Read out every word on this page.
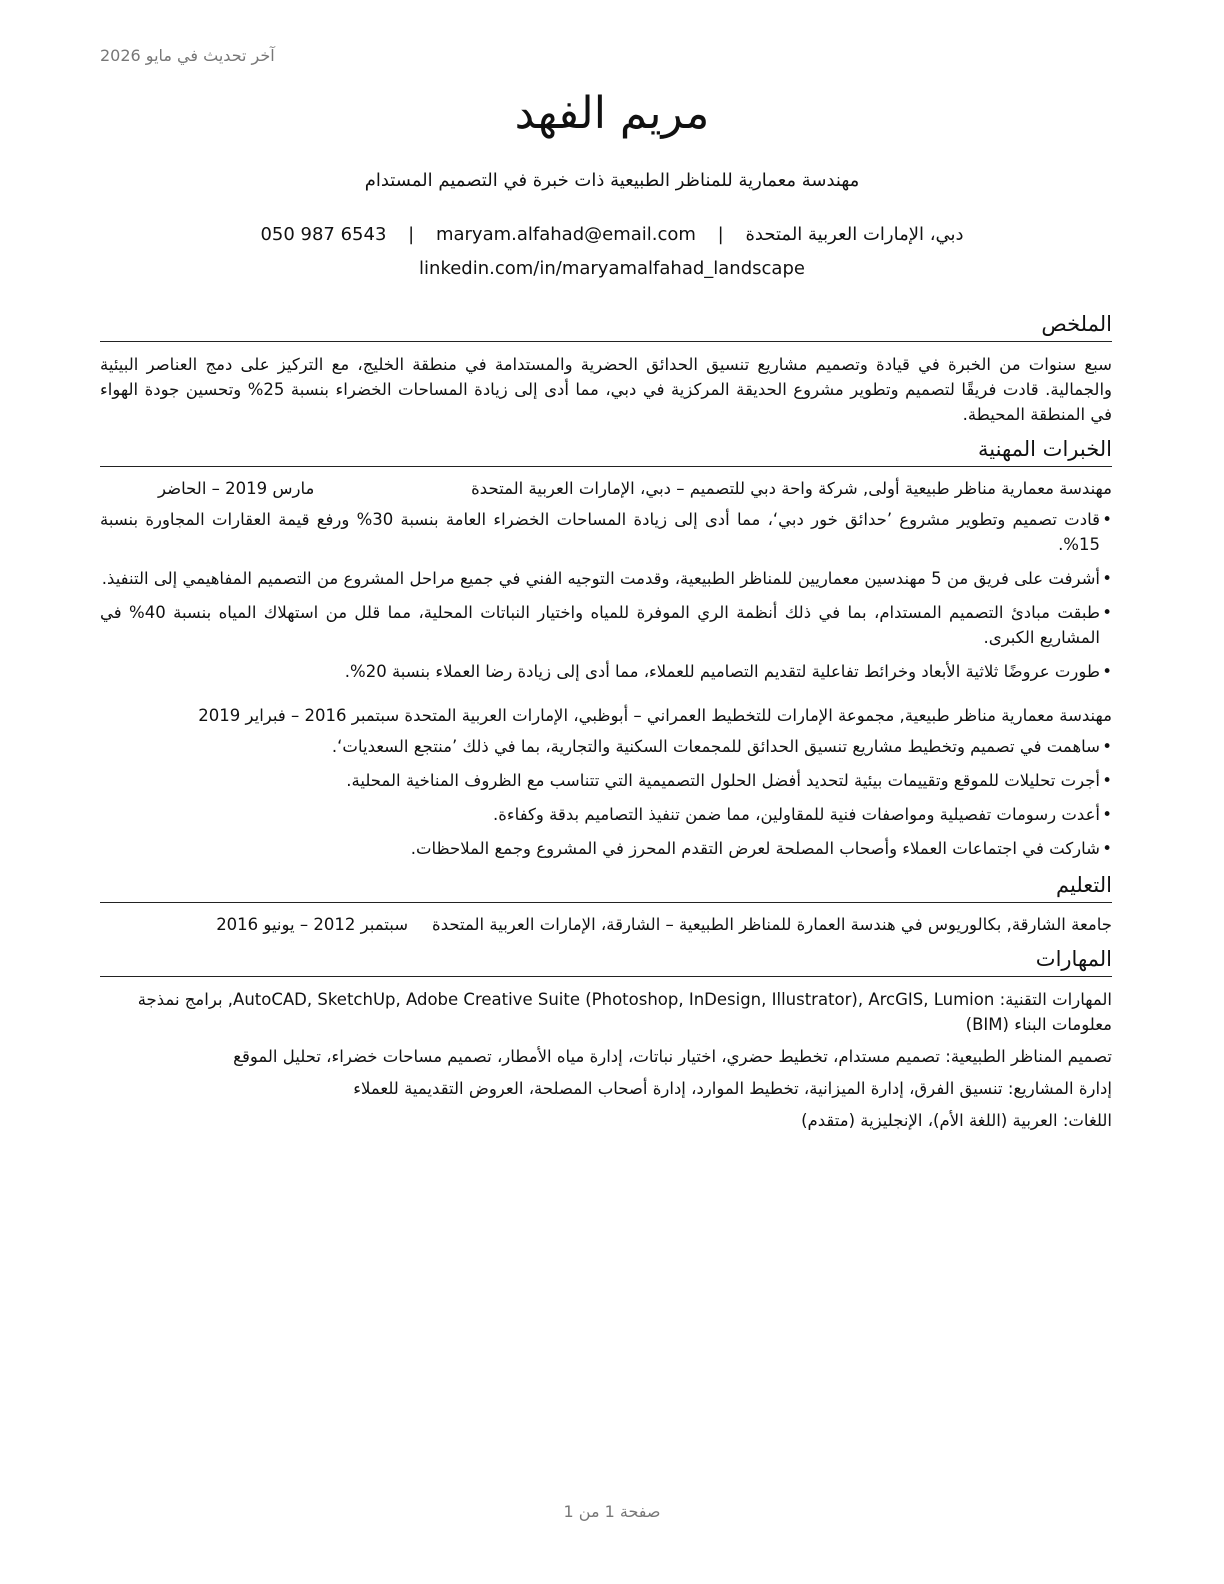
آخر تحديث في مايو 2026
مريم الفهد
مهندسة معمارية للمناظر الطبيعية ذات خبرة في التصميم المستدام
دبي، الإمارات العربية المتحدة | maryam.alfahad@email.com | 050 987 6543
linkedin.com/in/maryamalfahad_landscape
الملخص

سبع سنوات من الخبرة في قيادة وتصميم مشاريع تنسيق الحدائق الحضرية والمستدامة في منطقة الخليج، مع التركيز على دمج العناصر البيئية والجمالية. قادت فريقًا لتصميم وتطوير مشروع الحديقة المركزية في دبي، مما أدى إلى زيادة المساحات الخضراء بنسبة 25% وتحسين جودة الهواء في المنطقة المحيطة.

الخبرات المهنية
مهندسة معمارية مناظر طبيعية أولى, شركة واحة دبي للتصميم – دبي، الإمارات العربية المتحدة
مارس 2019 – الحاضر
• قادت تصميم وتطوير مشروع ’حدائق خور دبي‘، مما أدى إلى زيادة المساحات الخضراء العامة بنسبة 30% ورفع قيمة العقارات المجاورة بنسبة 15%.
• أشرفت على فريق من 5 مهندسين معماريين للمناظر الطبيعية، وقدمت التوجيه الفني في جميع مراحل المشروع من التصميم المفاهيمي إلى التنفيذ.
• طبقت مبادئ التصميم المستدام، بما في ذلك أنظمة الري الموفرة للمياه واختيار النباتات المحلية، مما قلل من استهلاك المياه بنسبة 40% في المشاريع الكبرى.
• طورت عروضًا ثلاثية الأبعاد وخرائط تفاعلية لتقديم التصاميم للعملاء، مما أدى إلى زيادة رضا العملاء بنسبة 20%.
مهندسة معمارية مناظر طبيعية, مجموعة الإمارات للتخطيط العمراني – أبوظبي، الإمارات العربية المتحدة سبتمبر 2016 – فبراير 2019
• ساهمت في تصميم وتخطيط مشاريع تنسيق الحدائق للمجمعات السكنية والتجارية، بما في ذلك ’منتجع السعديات‘.
• أجرت تحليلات للموقع وتقييمات بيئية لتحديد أفضل الحلول التصميمية التي تتناسب مع الظروف المناخية المحلية.
• أعدت رسومات تفصيلية ومواصفات فنية للمقاولين، مما ضمن تنفيذ التصاميم بدقة وكفاءة.
• شاركت في اجتماعات العملاء وأصحاب المصلحة لعرض التقدم المحرز في المشروع وجمع الملاحظات.
التعليم
جامعة الشارقة, بكالوريوس في هندسة العمارة للمناظر الطبيعية – الشارقة، الإمارات العربية المتحدة
سبتمبر 2012 – يونيو 2016
المهارات

المهارات التقنية: AutoCAD, SketchUp, Adobe Creative Suite (Photoshop, InDesign, Illustrator), ArcGIS, Lumion, برامج نمذجة معلومات البناء (BIM)

تصميم المناظر الطبيعية: تصميم مستدام، تخطيط حضري، اختيار نباتات، إدارة مياه الأمطار، تصميم مساحات خضراء، تحليل الموقع

إدارة المشاريع: تنسيق الفرق، إدارة الميزانية، تخطيط الموارد، إدارة أصحاب المصلحة، العروض التقديمية للعملاء

اللغات: العربية (اللغة الأم)، الإنجليزية (متقدم)

صفحة 1 من 1
